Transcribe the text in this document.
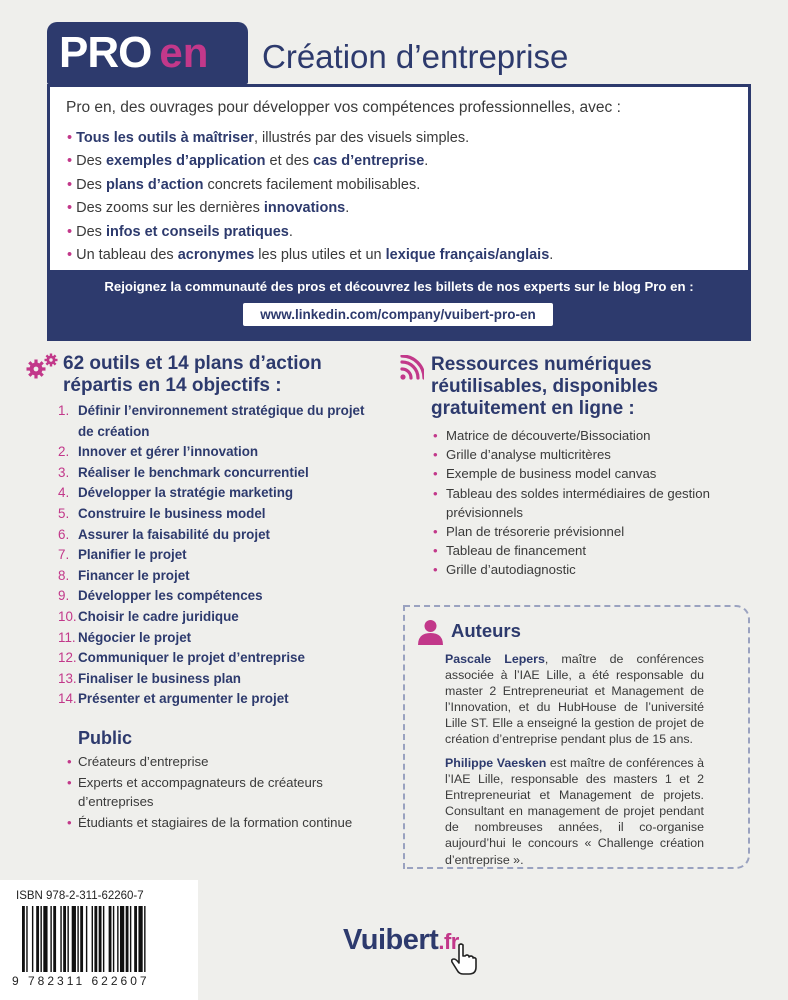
PRO en Création d’entreprise
Pro en, des ouvrages pour développer vos compétences professionnelles, avec :
• Tous les outils à maîtriser, illustrés par des visuels simples.
• Des exemples d’application et des cas d’entreprise.
• Des plans d’action concrets facilement mobilisables.
• Des zooms sur les dernières innovations.
• Des infos et conseils pratiques.
• Un tableau des acronymes les plus utiles et un lexique français/anglais.
Rejoignez la communauté des pros et découvrez les billets de nos experts sur le blog Pro en :
www.linkedin.com/company/vuibert-pro-en
62 outils et 14 plans d’action répartis en 14 objectifs :
1. Définir l’environnement stratégique du projet de création
2. Innover et gérer l’innovation
3. Réaliser le benchmark concurrentiel
4. Développer la stratégie marketing
5. Construire le business model
6. Assurer la faisabilité du projet
7. Planifier le projet
8. Financer le projet
9. Développer les compétences
10. Choisir le cadre juridique
11. Négocier le projet
12. Communiquer le projet d’entreprise
13. Finaliser le business plan
14. Présenter et argumenter le projet
Public
• Créateurs d’entreprise
• Experts et accompagnateurs de créateurs d’entreprises
• Étudiants et stagiaires de la formation continue
Ressources numériques réutilisables, disponibles gratuitement en ligne :
• Matrice de découverte/Bissociation
• Grille d’analyse multicritères
• Exemple de business model canvas
• Tableau des soldes intermédiaires de gestion prévisionnels
• Plan de trésorerie prévisionnel
• Tableau de financement
• Grille d’autodiagnostic
Auteurs

Pascale Lepers, maître de conférences associée à l’IAE Lille, a été responsable du master 2 Entrepreneuriat et Management de l’Innovation, et du HubHouse de l’université Lille ST. Elle a enseigné la gestion de projet de création d’entreprise pendant plus de 15 ans.

Philippe Vaesken est maître de conférences à l’IAE Lille, responsable des masters 1 et 2 Entrepreneuriat et Management de projets. Consultant en management de projet pendant de nombreuses années, il co-organise aujourd’hui le concours « Challenge création d’entreprise ».

ISBN 978-2-311-62260-7
9 782311 622607
Vuibert.fr
